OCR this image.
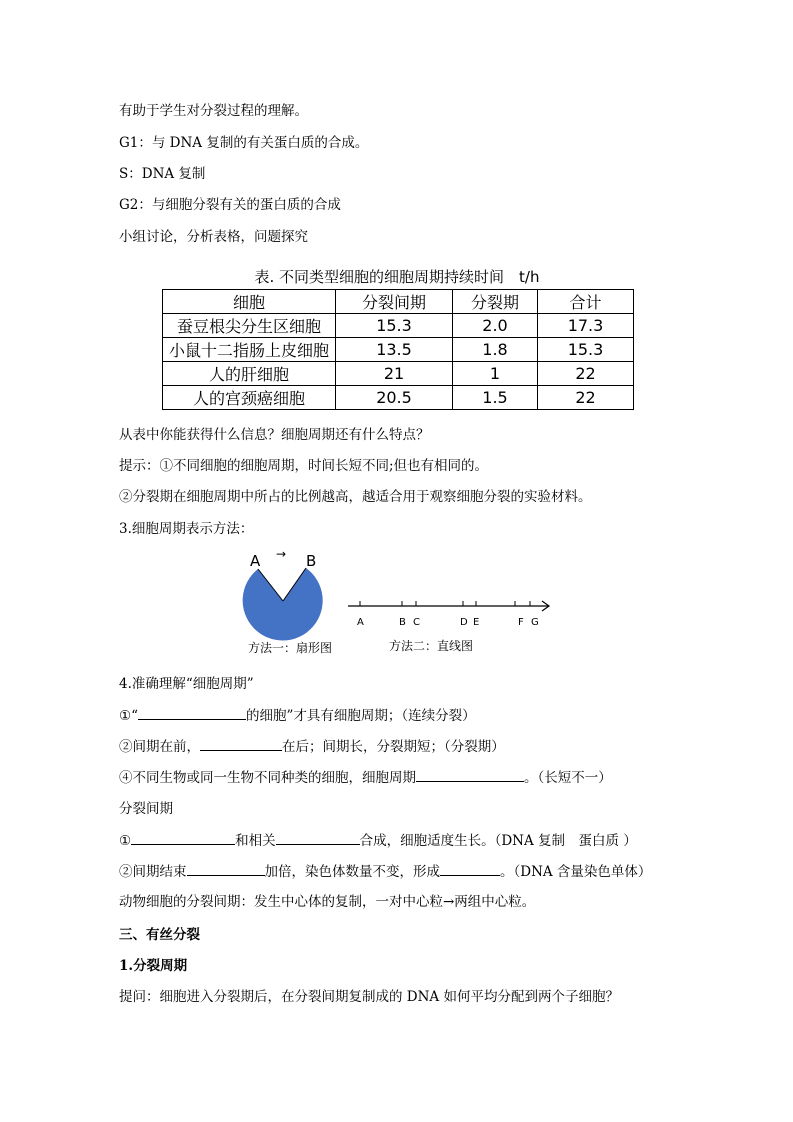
有助于学生对分裂过程的理解。
G1：与 DNA 复制的有关蛋白质的合成。
S：DNA 复制
G2：与细胞分裂有关的蛋白质的合成
小组讨论，分析表格，问题探究
表. 不同类型细胞的细胞周期持续时间　t/h
细胞	分裂间期	分裂期	合计
蚕豆根尖分生区细胞	15.3	2.0	17.3
小鼠十二指肠上皮细胞	13.5	1.8	15.3
人的肝细胞	21	1	22
人的宫颈癌细胞	20.5	1.5	22
从表中你能获得什么信息？细胞周期还有什么特点？
提示：①不同细胞的细胞周期，时间长短不同;但也有相同的。
②分裂期在细胞周期中所占的比例越高，越适合用于观察细胞分裂的实验材料。
3.细胞周期表示方法：
A → B
方法一：扇形图
A	B C	D E	F G
方法二：直线图
4.准确理解“细胞周期”
①“	的细胞”才具有细胞周期；（连续分裂）
②间期在前，	在后；间期长，分裂期短；（分裂期）
④不同生物或同一生物不同种类的细胞，细胞周期	。（长短不一）
分裂间期
①	和相关	合成，细胞适度生长。（DNA 复制　蛋白质 ）
②间期结束	加倍，染色体数量不变，形成	。（DNA 含量染色单体）
动物细胞的分裂间期：发生中心体的复制，一对中心粒→两组中心粒。
三、有丝分裂
1.分裂周期
提问：细胞进入分裂期后，在分裂间期复制成的 DNA 如何平均分配到两个子细胞？
